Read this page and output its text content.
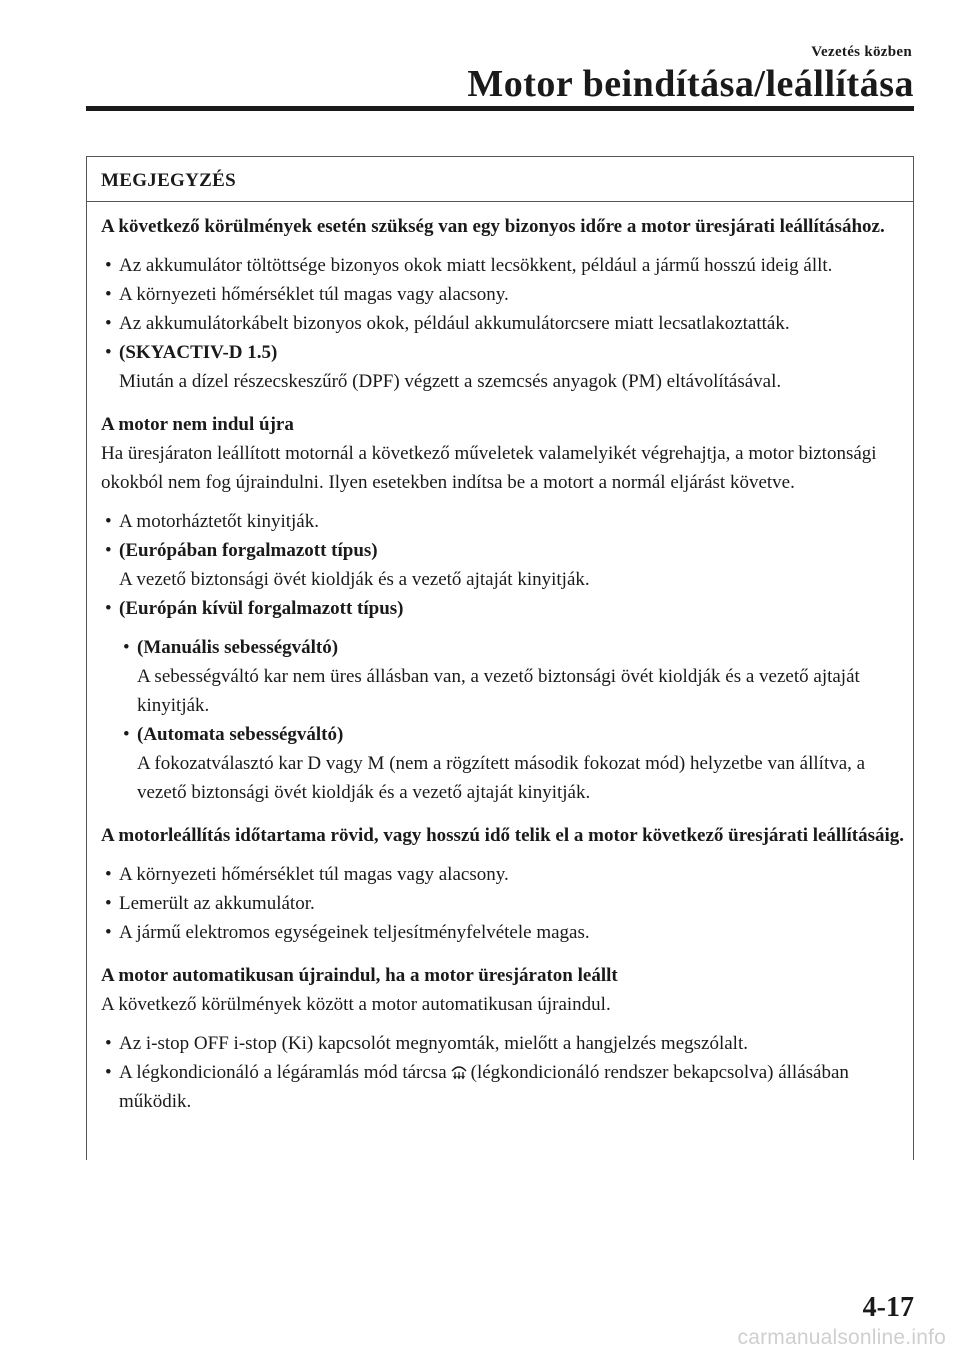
Vezetés közben
Motor beindítása/leállítása
MEGJEGYZÉS

A következő körülmények esetén szükség van egy bizonyos időre a motor üresjárati leállításához.

• Az akkumulátor töltöttsége bizonyos okok miatt lecsökkent, például a jármű hosszú ideig állt.
• A környezeti hőmérséklet túl magas vagy alacsony.
• Az akkumulátorkábelt bizonyos okok, például akkumulátorcsere miatt lecsatlakoztatták.
• (SKYACTIV-D 1.5)
Miután a dízel részecskeszűrő (DPF) végzett a szemcsés anyagok (PM) eltávolításával.

A motor nem indul újra

Ha üresjáraton leállított motornál a következő műveletek valamelyikét végrehajtja, a motor biztonsági okokból nem fog újraindulni. Ilyen esetekben indítsa be a motort a normál eljárást követve.

• A motorháztetőt kinyitják.
• (Európában forgalmazott típus)
A vezető biztonsági övét kioldják és a vezető ajtaját kinyitják.
• (Európán kívül forgalmazott típus)
• (Manuális sebességváltó)
A sebességváltó kar nem üres állásban van, a vezető biztonsági övét kioldják és a vezető ajtaját kinyitják.
• (Automata sebességváltó)
A fokozatválasztó kar D vagy M (nem a rögzített második fokozat mód) helyzetbe van állítva, a vezető biztonsági övét kioldják és a vezető ajtaját kinyitják.

A motorleállítás időtartama rövid, vagy hosszú idő telik el a motor következő üresjárati leállításáig.

• A környezeti hőmérséklet túl magas vagy alacsony.
• Lemerült az akkumulátor.
• A jármű elektromos egységeinek teljesítményfelvétele magas.

A motor automatikusan újraindul, ha a motor üresjáraton leállt

A következő körülmények között a motor automatikusan újraindul.

• Az i-stop OFF i-stop (Ki) kapcsolót megnyomták, mielőtt a hangjelzés megszólalt.
• A légkondicionáló a légáramlás mód tárcsa (légkondicionáló rendszer bekapcsolva) állásában működik.
4-17
carmanualsonline.info
